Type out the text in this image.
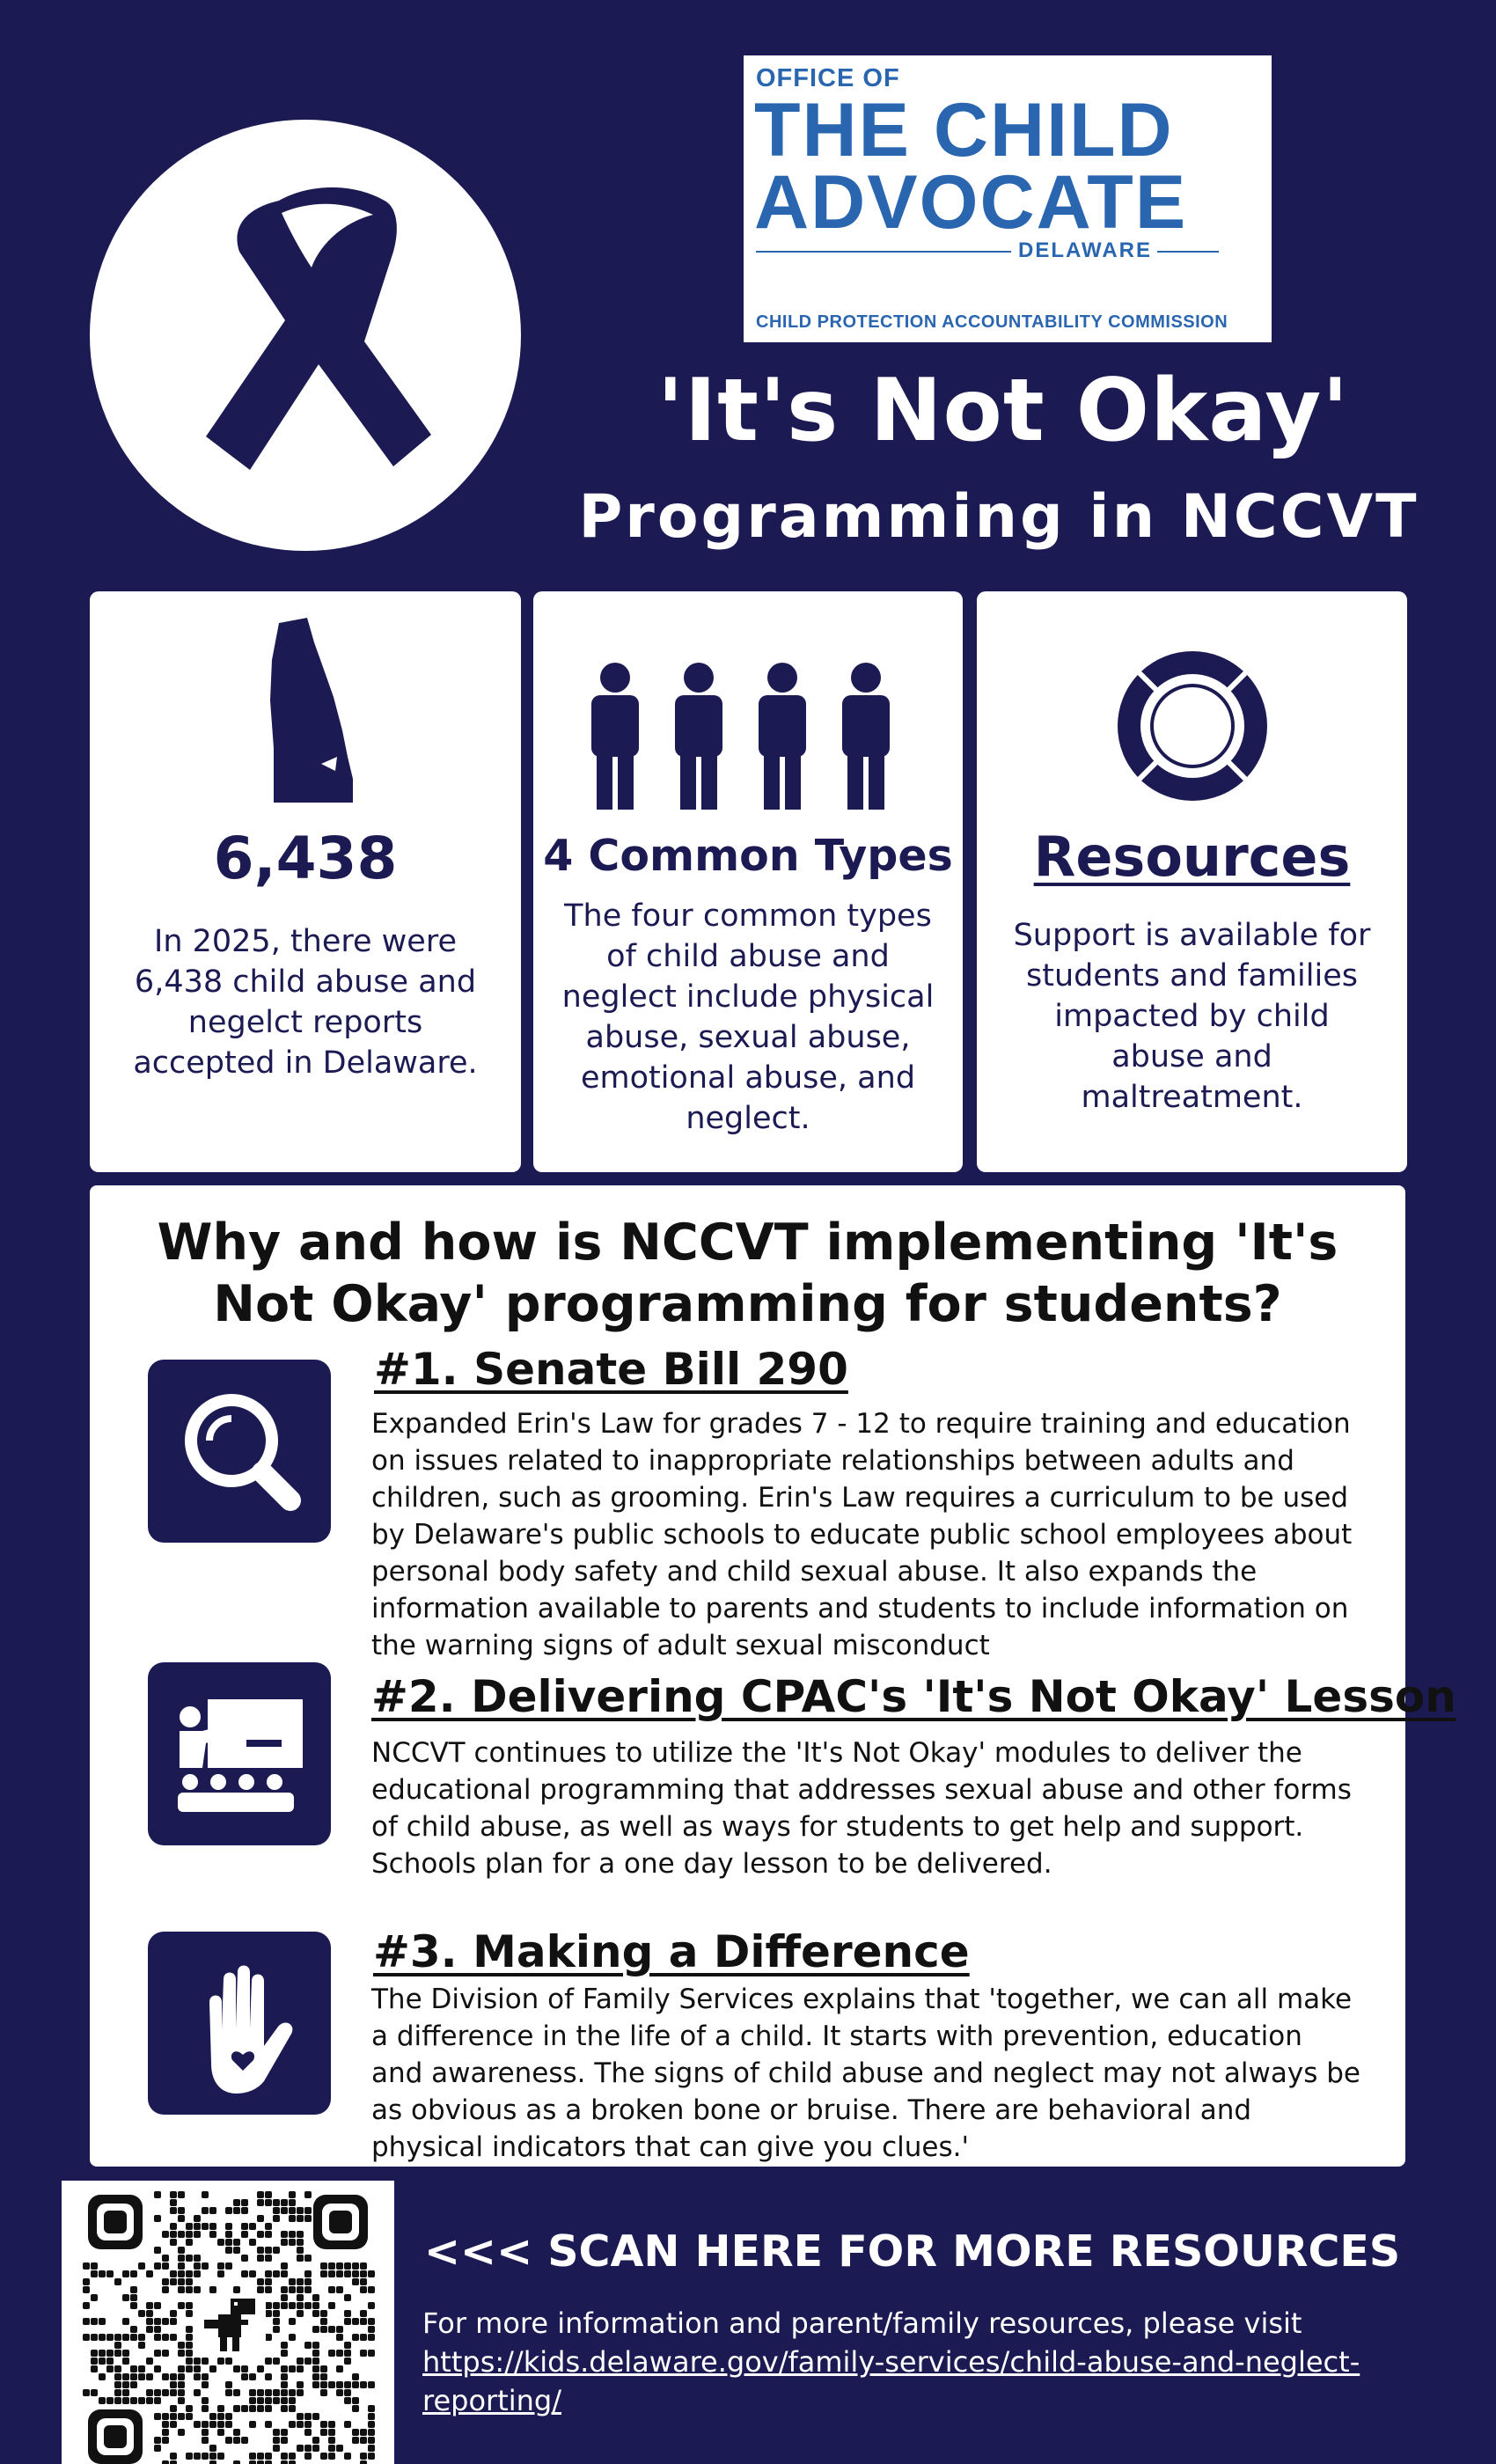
OFFICE OF
THE CHILD
ADVOCATE
DELAWARE
CHILD PROTECTION ACCOUNTABILITY COMMISSION
'It's Not Okay'
Programming in NCCVT
6,438
In 2025, there were 6,438 child abuse and negelct reports accepted in Delaware.
4 Common Types
The four common types of child abuse and neglect include physical abuse, sexual abuse, emotional abuse, and neglect.
Resources
Support is available for students and families impacted by child abuse and maltreatment.
Why and how is NCCVT implementing 'It's Not Okay' programming for students?
#1. Senate Bill 290

Expanded Erin's Law for grades 7 - 12 to require training and education on issues related to inappropriate relationships between adults and children, such as grooming. Erin's Law requires a curriculum to be used by Delaware's public schools to educate public school employees about personal body safety and child sexual abuse. It also expands the information available to parents and students to include information on the warning signs of adult sexual misconduct

#2. Delivering CPAC's 'It's Not Okay' Lesson

NCCVT continues to utilize the 'It's Not Okay' modules to deliver the educational programming that addresses sexual abuse and other forms of child abuse, as well as ways for students to get help and support. Schools plan for a one day lesson to be delivered.

#3. Making a Difference

The Division of Family Services explains that 'together, we can all make a difference in the life of a child. It starts with prevention, education and awareness. The signs of child abuse and neglect may not always be as obvious as a broken bone or bruise. There are behavioral and physical indicators that can give you clues.'

<<< SCAN HERE FOR MORE RESOURCES
For more information and parent/family resources, please visit
https://kids.delaware.gov/family-services/child-abuse-and-neglect-reporting/
